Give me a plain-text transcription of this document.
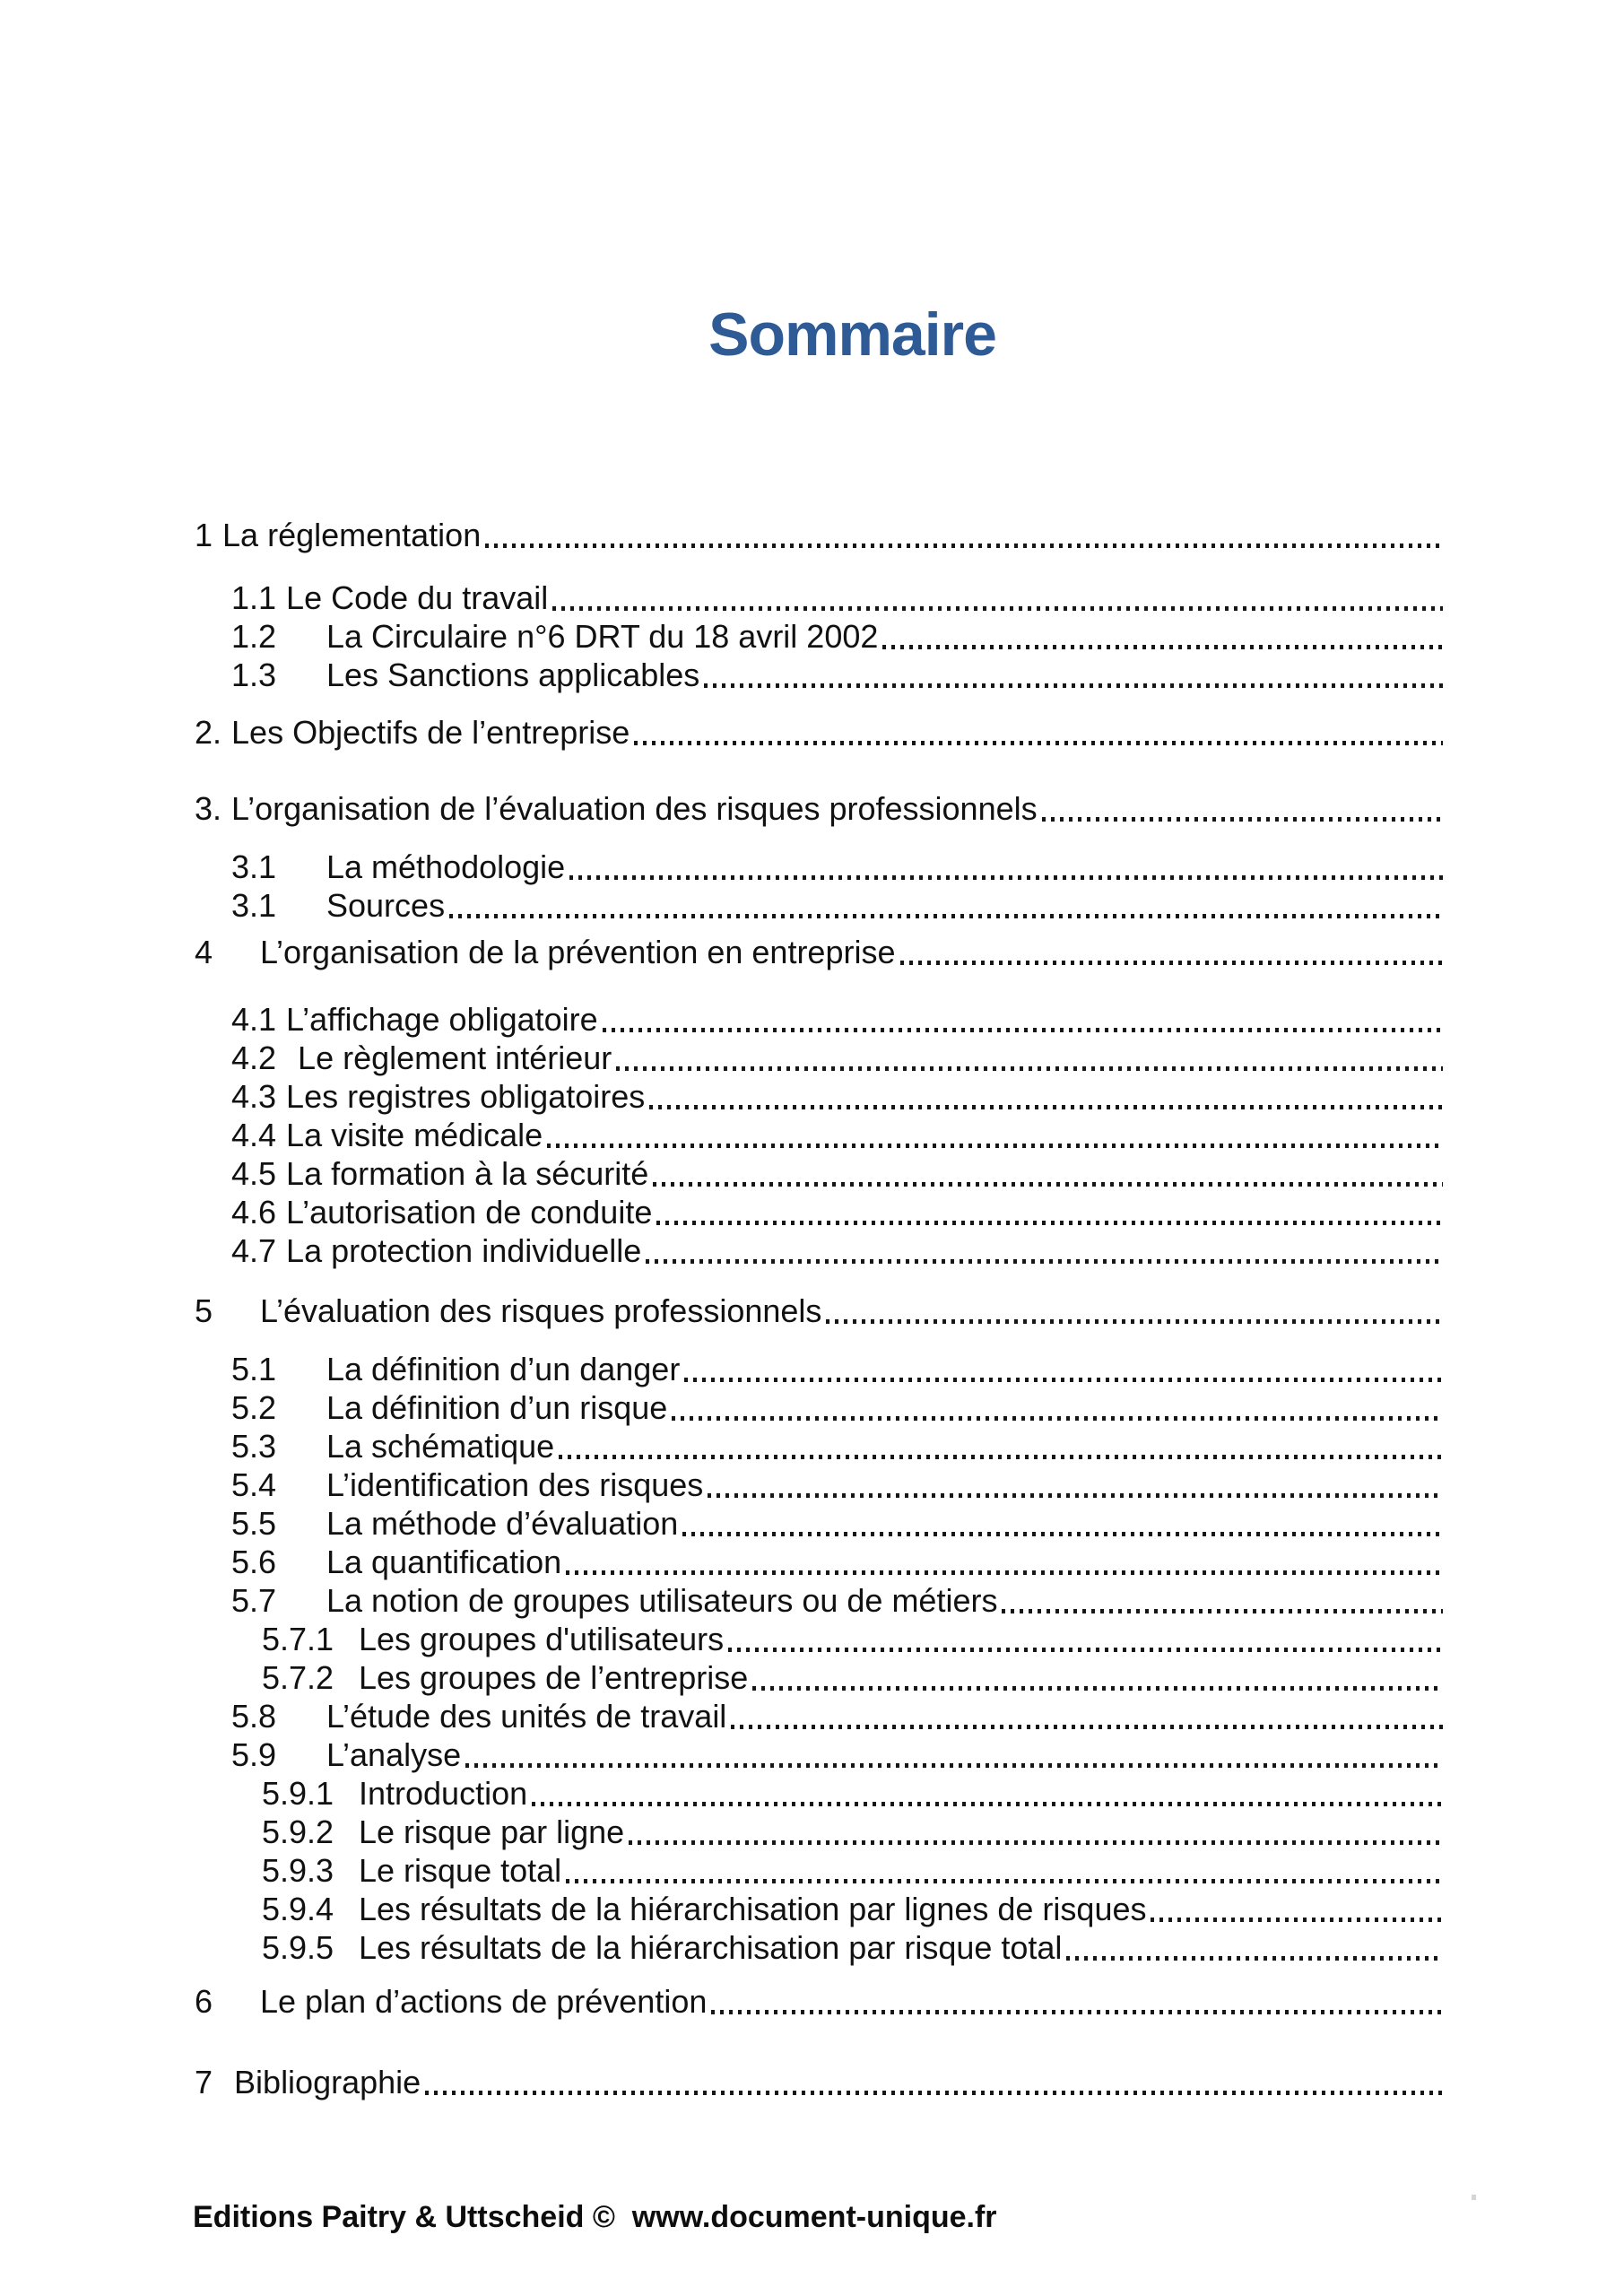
Sommaire
1 La réglementation
1.1 Le Code du travail
1.2	La Circulaire n°6 DRT du 18 avril 2002
1.3	Les Sanctions applicables
2. Les Objectifs de l’entreprise
3. L’organisation de l’évaluation des risques professionnels
3.1	La méthodologie
3.1	Sources
4	L’organisation de la prévention en entreprise
4.1 L’affichage obligatoire
4.2 Le règlement intérieur
4.3 Les registres obligatoires
4.4 La visite médicale
4.5 La formation à la sécurité
4.6 L’autorisation de conduite
4.7 La protection individuelle
5	L’évaluation des risques professionnels
5.1	La définition d’un danger
5.2	La définition d’un risque
5.3	La schématique
5.4	L’identification des risques
5.5	La méthode d’évaluation
5.6	La quantification
5.7	La notion de groupes utilisateurs ou de métiers
5.7.1 Les groupes d'utilisateurs
5.7.2 Les groupes de l’entreprise
5.8	L’étude des unités de travail
5.9	L’analyse
5.9.1 Introduction
5.9.2 Le risque par ligne
5.9.3 Le risque total
5.9.4 Les résultats de la hiérarchisation par lignes de risques
5.9.5 Les résultats de la hiérarchisation par risque total
6	Le plan d’actions de prévention
7 Bibliographie
Editions Paitry & Uttscheid ©  www.document-unique.fr
